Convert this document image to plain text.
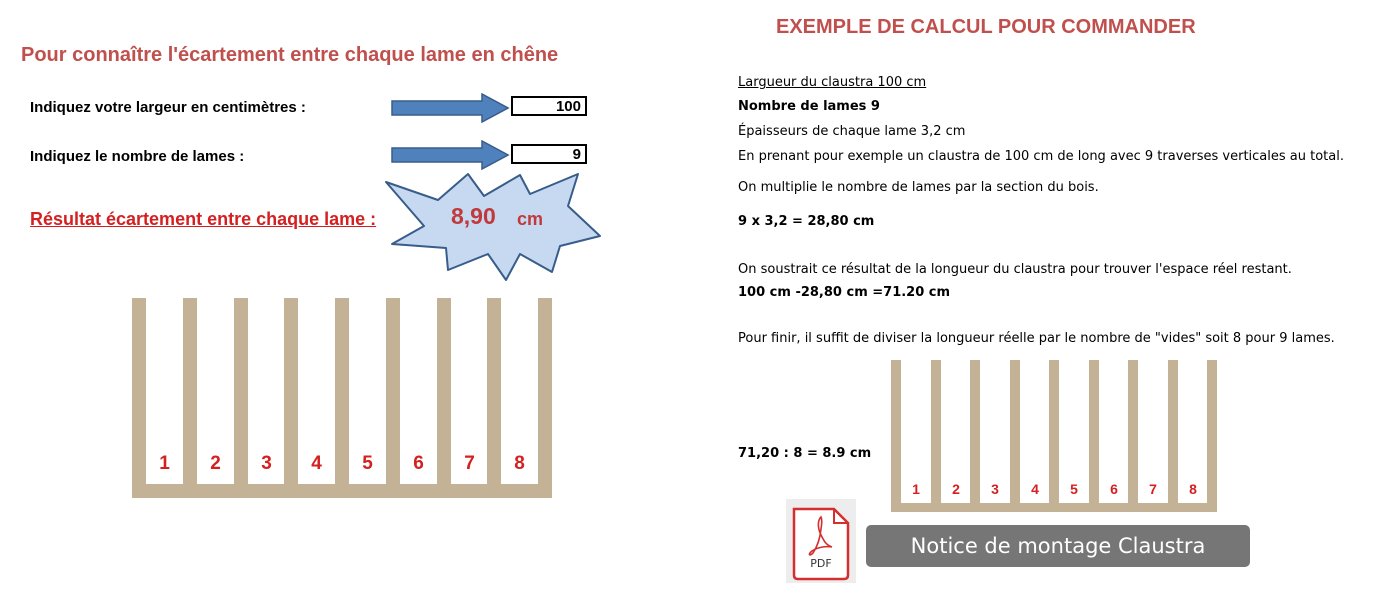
Pour connaître l'écartement entre chaque lame en chêne
Indiquez votre largeur en centimètres :	100
Indiquez le nombre de lames :	9
Résultat écartement entre chaque lame :	8,90 cm
1	2	3	4	5	6	7	8
EXEMPLE DE CALCUL POUR COMMANDER
Largueur du claustra 100 cm
Nombre de lames 9
Épaisseurs de chaque lame 3,2 cm
En prenant pour exemple un claustra de 100 cm de long avec 9 traverses verticales au total.
On multiplie le nombre de lames par la section du bois.
9 x 3,2 = 28,80 cm
On soustrait ce résultat de la longueur du claustra pour trouver l'espace réel restant.
100 cm -28,80 cm =71.20 cm
Pour finir, il suffit de diviser la longueur réelle par le nombre de "vides" soit 8 pour 9 lames.
71,20 : 8 = 8.9 cm
1	2	3	4	5	6	7	8
PDF
Notice de montage Claustra
